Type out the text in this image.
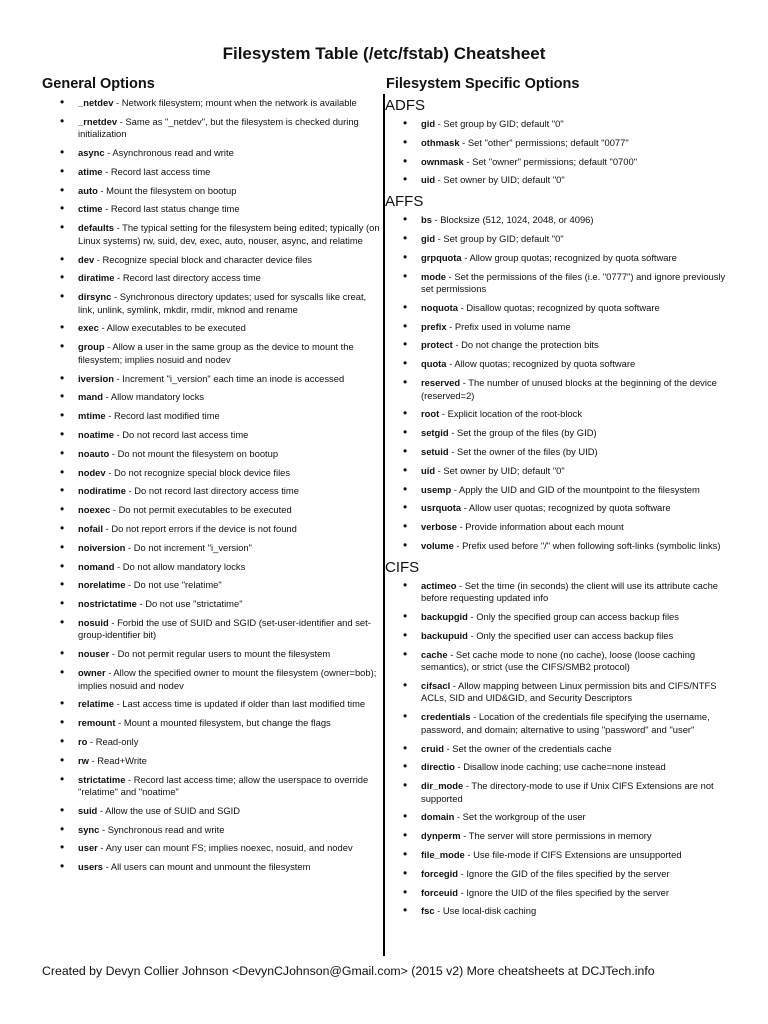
Filesystem Table (/etc/fstab) Cheatsheet
General Options
• _netdev - Network filesystem; mount when the network is available
• _rnetdev - Same as "_netdev", but the filesystem is checked during initialization
• async - Asynchronous read and write
• atime - Record last access time
• auto - Mount the filesystem on bootup
• ctime - Record last status change time
• defaults - The typical setting for the filesystem being edited; typically (on Linux systems) rw, suid, dev, exec, auto, nouser, async, and relatime
• dev - Recognize special block and character device files
• diratime - Record last directory access time
• dirsync - Synchronous directory updates; used for syscalls like creat, link, unlink, symlink, mkdir, rmdir, mknod and rename
• exec - Allow executables to be executed
• group - Allow a user in the same group as the device to mount the filesystem; implies nosuid and nodev
• iversion - Increment "i_version" each time an inode is accessed
• mand - Allow mandatory locks
• mtime - Record last modified time
• noatime - Do not record last access time
• noauto - Do not mount the filesystem on bootup
• nodev - Do not recognize special block device files
• nodiratime - Do not record last directory access time
• noexec - Do not permit executables to be executed
• nofail - Do not report errors if the device is not found
• noiversion - Do not increment "i_version"
• nomand - Do not allow mandatory locks
• norelatime - Do not use "relatime"
• nostrictatime - Do not use "strictatime"
• nosuid - Forbid the use of SUID and SGID (set-user-identifier and set-group-identifier bit)
• nouser - Do not permit regular users to mount the filesystem
• owner - Allow the specified owner to mount the filesystem (owner=bob); implies nosuid and nodev
• relatime - Last access time is updated if older than last modified time
• remount - Mount a mounted filesystem, but change the flags
• ro - Read-only
• rw - Read+Write
• strictatime - Record last access time; allow the userspace to override "relatime" and "noatime"
• suid - Allow the use of SUID and SGID
• sync - Synchronous read and write
• user - Any user can mount FS; implies noexec, nosuid, and nodev
• users - All users can mount and unmount the filesystem
Filesystem Specific Options
ADFS
• gid - Set group by GID; default "0"
• othmask - Set "other" permissions; default "0077"
• ownmask - Set "owner" permissions; default "0700"
• uid - Set owner by UID; default "0"
AFFS
• bs - Blocksize (512, 1024, 2048, or 4096)
• gid - Set group by GID; default "0"
• grpquota - Allow group quotas; recognized by quota software
• mode - Set the permissions of the files (i.e. "0777") and ignore previously set permissions
• noquota - Disallow quotas; recognized by quota software
• prefix - Prefix used in volume name
• protect - Do not change the protection bits
• quota - Allow quotas; recognized by quota software
• reserved - The number of unused blocks at the beginning of the device (reserved=2)
• root - Explicit location of the root-block
• setgid - Set the group of the files (by GID)
• setuid - Set the owner of the files (by UID)
• uid - Set owner by UID; default "0"
• usemp - Apply the UID and GID of the mountpoint to the filesystem
• usrquota - Allow user quotas; recognized by quota software
• verbose - Provide information about each mount
• volume - Prefix used before "/" when following soft-links (symbolic links)
CIFS
• actimeo - Set the time (in seconds) the client will use its attribute cache before requesting updated info
• backupgid - Only the specified group can access backup files
• backupuid - Only the specified user can access backup files
• cache - Set cache mode to none (no cache), loose (loose caching semantics), or strict (use the CIFS/SMB2 protocol)
• cifsacl - Allow mapping between Linux permission bits and CIFS/NTFS ACLs, SID and UID&GID, and Security Descriptors
• credentials - Location of the credentials file specifying the username, password, and domain; alternative to using "password" and "user"
• cruid - Set the owner of the credentials cache
• directio - Disallow inode caching; use cache=none instead
• dir_mode - The directory-mode to use if Unix CIFS Extensions are not supported
• domain - Set the workgroup of the user
• dynperm - The server will store permissions in memory
• file_mode - Use file-mode if CIFS Extensions are unsupported
• forcegid - Ignore the GID of the files specified by the server
• forceuid - Ignore the UID of the files specified by the server
• fsc - Use local-disk caching
Created by Devyn Collier Johnson <DevynCJohnson@Gmail.com> (2015 v2) More cheatsheets at DCJTech.info
